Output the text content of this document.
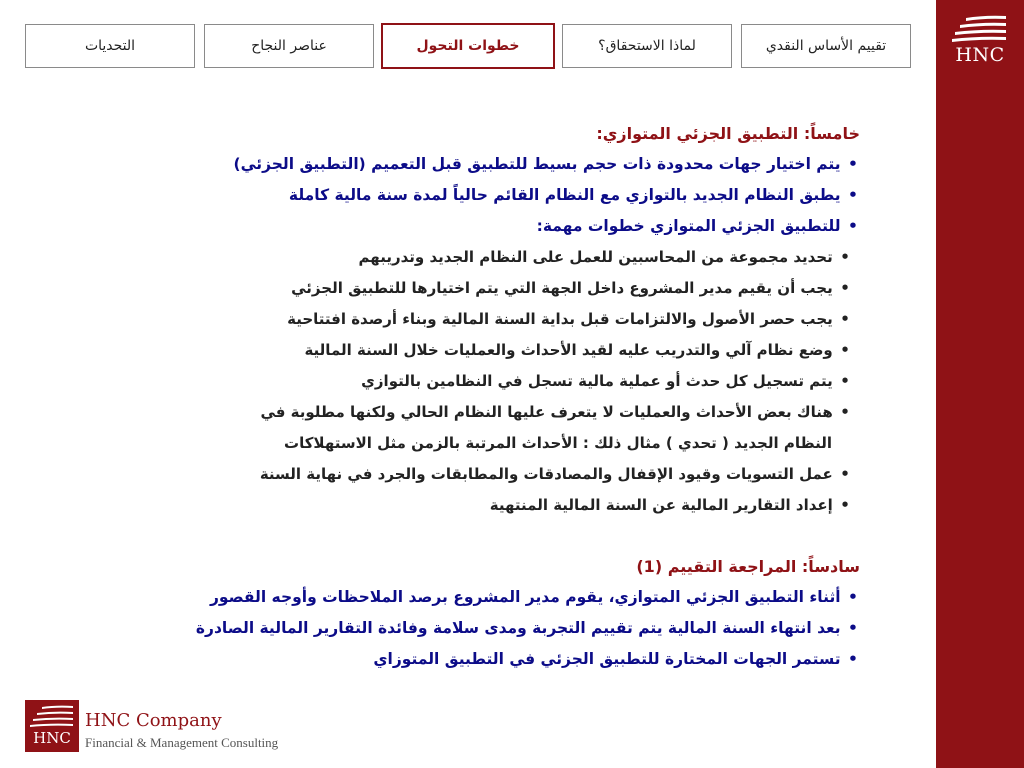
HNC
التحديات	عناصر النجاح	خطوات التحول	لماذا الاستحقاق؟	تقييم الأساس النقدي
خامساً: التطبيق الجزئي المتوازي:
• يتم اختيار جهات محدودة ذات حجم بسيط للتطبيق قبل التعميم (التطبيق الجزئي)
• يطبق النظام الجديد بالتوازي مع النظام القائم حالياً لمدة سنة مالية كاملة
• للتطبيق الجزئي المتوازي خطوات مهمة:
• تحديد مجموعة من المحاسبين للعمل على النظام الجديد وتدريبهم
• يجب أن يقيم مدير المشروع داخل الجهة التي يتم اختيارها للتطبيق الجزئي
• يجب حصر الأصول والالتزامات قبل بداية السنة المالية وبناء أرصدة افتتاحية
• وضع نظام آلي والتدريب عليه لقيد الأحداث والعمليات خلال السنة المالية
• يتم تسجيل كل حدث أو عملية مالية تسجل في النظامين بالتوازي
• هناك بعض الأحداث والعمليات لا يتعرف عليها النظام الحالي ولكنها مطلوبة في
النظام الجديد ( تحدي ) مثال ذلك : الأحداث المرتبة بالزمن مثل الاستهلاكات
• عمل التسويات وقيود الإقفال والمصادقات والمطابقات والجرد في نهاية السنة
• إعداد التقارير المالية عن السنة المالية المنتهية
سادساً: المراجعة التقييم (1)
• أثناء التطبيق الجزئي المتوازي، يقوم مدير المشروع برصد الملاحظات وأوجه القصور
• بعد انتهاء السنة المالية يتم تقييم التجربة ومدى سلامة وفائدة التقارير المالية الصادرة
• تستمر الجهات المختارة للتطبيق الجزئي في التطبيق المتوزاي
HNC
HNC Company
Financial & Management Consulting
